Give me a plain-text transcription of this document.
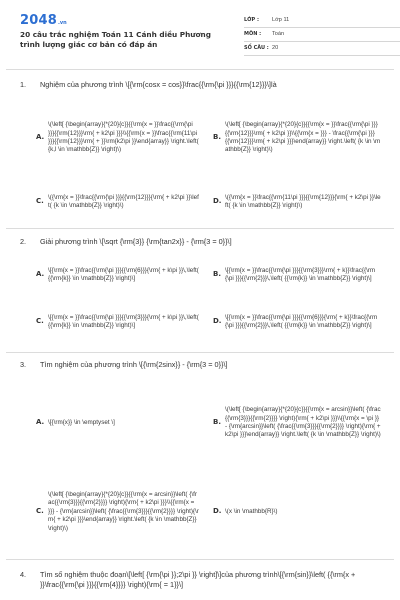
2048 .vn
20 câu trắc nghiệm Toán 11 Cánh diều Phương trình lượng giác cơ bản có đáp án
LỚP :	Lớp 11
MÔN :	Toán
SỐ CÂU : 20
1.	Nghiệm của phương trình \[{\rm{cosx = cos}}\frac{{\rm{\pi }}}{{\rm{12}}}\]là
A.
\(\left[ {\begin{array}{*{20}{c}}{{\rm{x = }}\frac{{\rm{\pi }}}{{\rm{12}}}\rm{ + k2\pi }}}\\{{\rm{x = }}\frac{{\rm{11\pi }}}{{\rm{12}}}\rm{ + }}\rm{k2\pi }}\end{array}} \right.\left( {k,l \in \mathbb{Z}} \right)\)
B.
\(\left[ {\begin{array}{*{20}{c}}{{\rm{x = }}\frac{{\rm{\pi }}}{{\rm{12}}}\rm{ + k2\pi }}\\{{\rm{x = }}} - \frac{{\rm{\pi }}}{{\rm{12}}}\rm{ + k2\pi }}}\end{array}} \right.\left( {k \in \mathbb{Z}} \right)\)
C.
\({\rm{x = }}\frac{{\rm{\pi }}}{{\rm{12}}}{\rm{ + k2\pi }}\left( {k \in \mathbb{Z}} \right)\)
D.
\({\rm{x = }}\frac{{\rm{11\pi }}}{{\rm{12}}}{\rm{ + k2\pi }}\left( {k \in \mathbb{Z}} \right)\)
2.	Giải phương trình \[\sqrt {\rm{3}} {\rm{tan2x}} - {\rm{3 = 0}}\]
A.
\[{\rm{x = }}\frac{{\rm{\pi }}}{{\rm{6}}}{\rm{ + k\pi }}\,\left( {{\rm{k}} \in \mathbb{Z}} \right)\]
B.
\[{\rm{x = }}\frac{{\rm{\pi }}}{{\rm{3}}}\rm{ + k}}\frac{{\rm{\pi }}}{{\rm{2}}}\,\left( {{\rm{k}} \in \mathbb{Z}} \right)\]
C.
\[{\rm{x = }}\frac{{\rm{\pi }}}{{\rm{3}}}{\rm{ + k\pi }}\,\left( {{\rm{k}} \in \mathbb{Z}} \right)\]
D.
\[{\rm{x = }}\frac{{\rm{\pi }}}{{\rm{6}}}{\rm{ + k}}\frac{{\rm{\pi }}}{{\rm{2}}}\,\left( {{\rm{k}} \in \mathbb{Z}} \right)\]
3.	Tìm nghiệm của phương trình \[{\rm{2sinx}} - {\rm{3 = 0}}\]
A. \[{\rm{x}} \in \emptyset \]	B.
\(\left[ {\begin{array}{*{20}{c}}{{\rm{x = arcsin}}\left( {\frac{{\rm{3}}}{{\rm{2}}}} \right){\rm{ + k2\pi }}}\\{{\rm{x = \pi }} - {\rm{arcsin}}\left( {\frac{{\rm{3}}}{{\rm{2}}}} \right){\rm{ + k2\pi }}}\end{array}} \right.\left( {k \in \mathbb{Z}} \right)\)
C.
\(\left[ {\begin{array}{*{20}{c}}{{\rm{x = arcsin}}\left( {\frac{{\rm{3}}}{{\rm{2}}}} \right){\rm{ + k2\pi }}}\\{{\rm{x = }}} - {\rm{arcsin}}\left( {\frac{{\rm{3}}}{{\rm{2}}}} \right){\rm{ + k2\pi }}}\end{array}} \right.\left( {k \in \mathbb{Z}} \right)\)
D. \(x \in \mathbb{R}\)
4.	Tìm số nghiệm thuộc đoạn\[\left[ {\rm{\pi }};2\pi }} \right]\]của phương trình\[{\rm{sin}}\left( {{\rm{x + }}\frac{{\rm{\pi }}}{{\rm{4}}}} \right){\rm{ = 1}}\]
